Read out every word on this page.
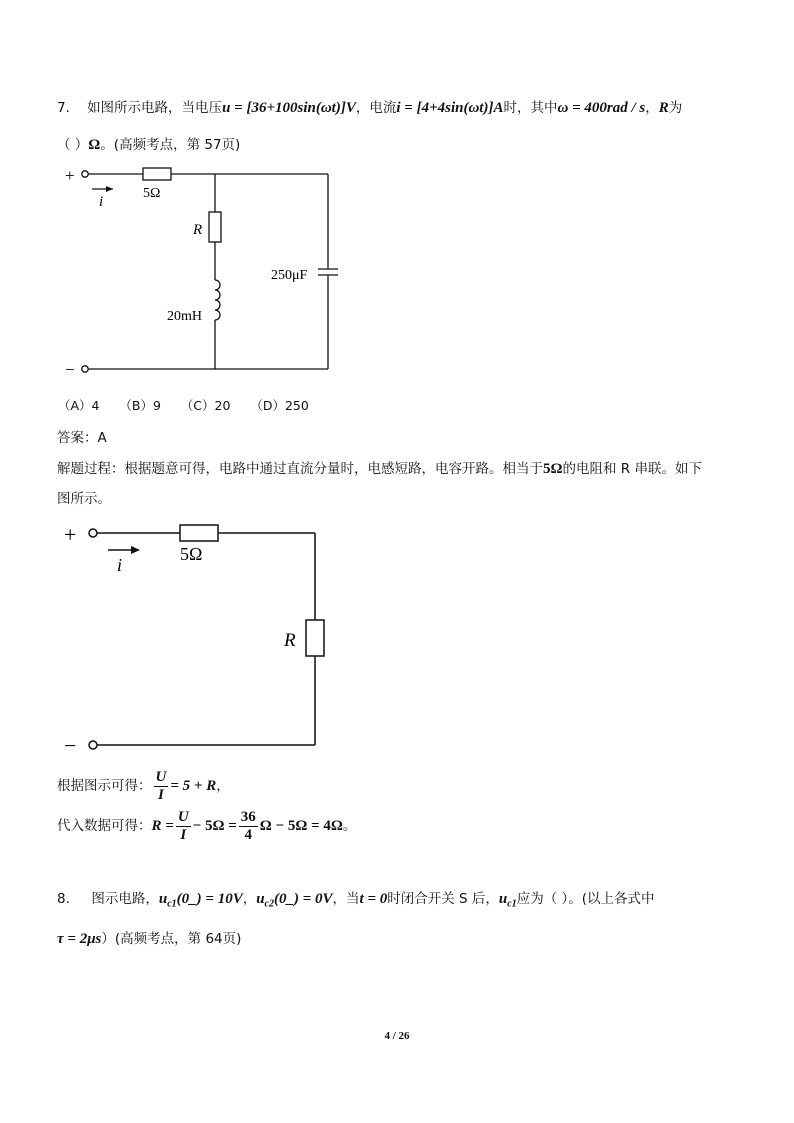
7. 如图所示电路，当电压u = [36+100sin(ωt)]V，电流i = [4+4sin(ωt)]A时，其中ω = 400rad / s，R为
（ ）Ω。(高频考点，第 57页)
+
−
i
5Ω
R
20mH
250μF
（A）4 （B）9 （C）20 （D）250
答案：A
解题过程：根据题意可得，电路中通过直流分量时，电感短路，电容开路。相当于5Ω的电阻和 R 串联。如下
图所示。
+
−
i
5Ω
R
根据图示可得： $\frac{U}{I} = 5 + R$，
代入数据可得：$R = \frac{U}{I} - 5\Omega = \frac{36}{4}$ Ω − 5Ω = 4Ω。
8. 图示电路，$u_{c1}(0\_) = 10V$，$u_{c2}(0\_) = 0V$，当t = 0时闭合开关 S 后，$u_{c1}$应为（ ）。(以上各式中
τ = 2μs）(高频考点，第 64页)
4 / 26
